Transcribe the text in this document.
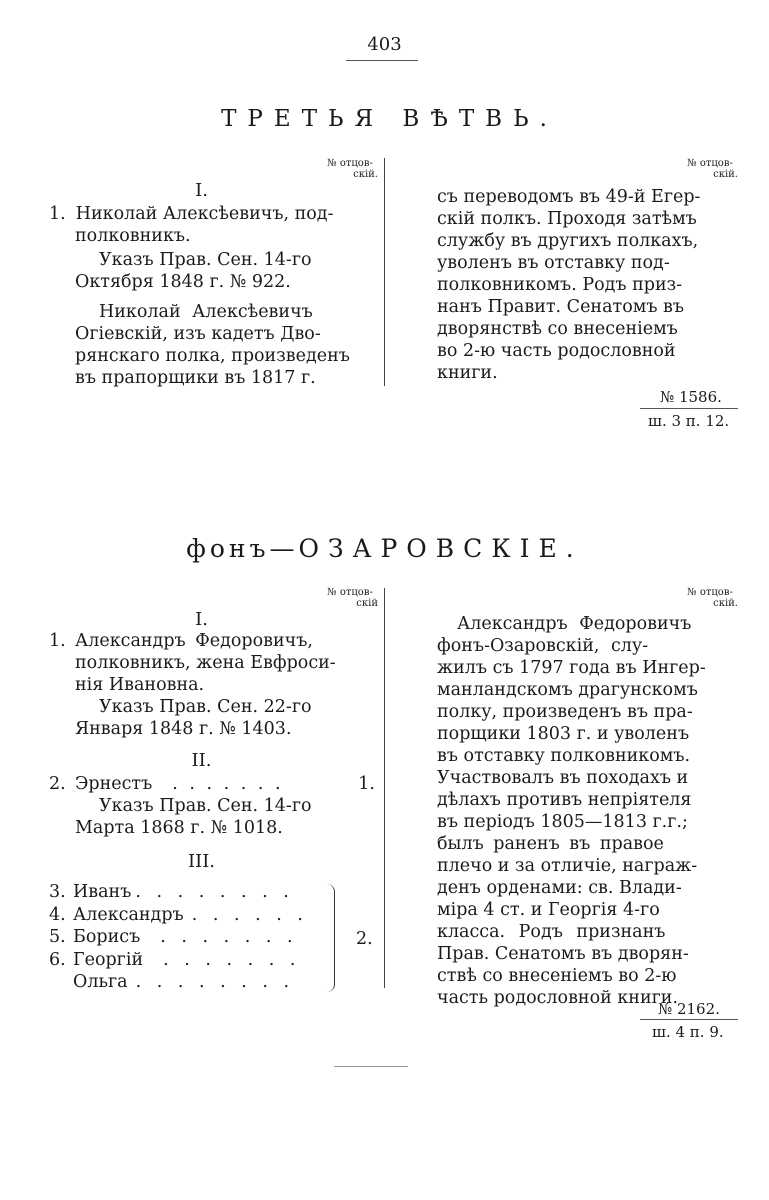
403
ТРЕТЬЯ ВѢТВЬ.
№ отцов-
скій.
№ отцов-
скій.
I.
1. Николай Алексѣевичъ, под-
полковникъ.
Указъ Прав. Сен. 14-го
Октября 1848 г. № 922.
Николай Алексѣевичъ
Огіевскій, изъ кадетъ Дво-
рянскаго полка, произведенъ
въ прапорщики въ 1817 г.
съ переводомъ въ 49-й Егер-
скій полкъ. Проходя затѣмъ
службу въ другихъ полкахъ,
уволенъ въ отставку под-
полковникомъ. Родъ приз-
нанъ Правит. Сенатомъ въ
дворянствѣ со внесеніемъ
во 2-ю часть родословной
книги.
№ 1586.
ш. 3 п. 12.
фонъ—ОЗАРОВСКІЕ.
№ отцов-
скій
№ отцов-
скій.
I.
1. Александръ Федоровичъ,
полковникъ, жена Евфроси-
нія Ивановна.
Указъ Прав. Сен. 22-го
Января 1848 г. № 1403.
II.
2. Эрнестъ . . . . . . .	1.
Указъ Прав. Сен. 14-го
Марта 1868 г. № 1018.
III.
3. Иванъ . . . . . . . .
4. Александръ . . . . . .
5. Борисъ	. . . . . . .
6. Георгій	. . . . . . .
Ольга . . . . . . . .
2.
Александръ Федоровичъ
фонъ-Озаровскій, слу-
жилъ съ 1797 года въ Ингер-
манландскомъ драгунскомъ
полку, произведенъ въ пра-
порщики 1803 г. и уволенъ
въ отставку полковникомъ.
Участвовалъ въ походахъ и
дѣлахъ противъ непріятеля
въ періодъ 1805—1813 г.г.;
былъ раненъ въ правое
плечо и за отличіе, награж-
денъ орденами: св. Влади-
міра 4 ст. и Георгія 4-го
класса. Родъ признанъ
Прав. Сенатомъ въ дворян-
ствѣ со внесеніемъ во 2-ю
часть родословной книги.
№ 2162.
ш. 4 п. 9.
